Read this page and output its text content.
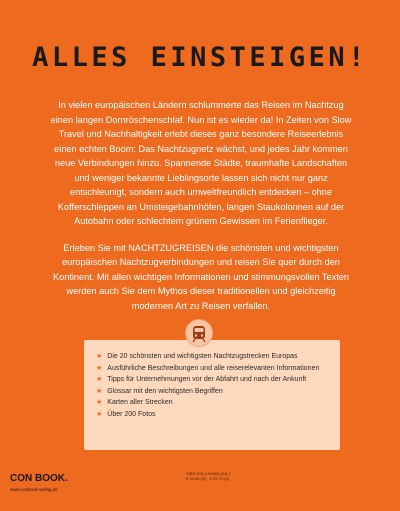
ALLES EINSTEIGEN!

In vielen europäischen Ländern schlummerte das Reisen im Nachtzug einen langen Dornröschenschlaf. Nun ist es wieder da! In Zeiten von Slow Travel und Nachhaltigkeit erlebt dieses ganz besondere Reiseerlebnis einen echten Boom: Das Nachtzugnetz wächst, und jedes Jahr kommen neue Verbindungen hinzu. Spannende Städte, traumhafte Landschaften und weniger bekannte Lieblingsorte lassen sich nicht nur ganz entschleunigt, sondern auch umweltfreundlich entdecken – ohne Kofferschleppen an Umsteigebahnhöfen, langen Staukolonnen auf der Autobahn oder schlechtem grünem Gewissen im Ferienflieger.

Erleben Sie mit NACHTZUGREISEN die schönsten und wichtigsten europäischen Nachtzugverbindungen und reisen Sie quer durch den Kontinent. Mit allen wichtigen Informationen und stimmungsvollen Texten werden auch Sie dem Mythos dieser traditionellen und gleichzeitig modernen Art zu Reisen verfallen.

★ Die 20 schönsten und wichtigsten Nachtzugstrecken Europas
★ Ausführliche Beschreibungen und alle reiserelevanten Informationen
★ Tipps für Unternehmungen vor der Abfahrt und nach der Ankunft
★ Glossar mit den wichtigsten Begriffen
★ Karten aller Strecken
★ Über 200 Fotos
CON BOOK.
www.conbook-verlag.de
ISBN 978-3-95889-416-7
€ 24,95 (D) · € 25,70 (A)
